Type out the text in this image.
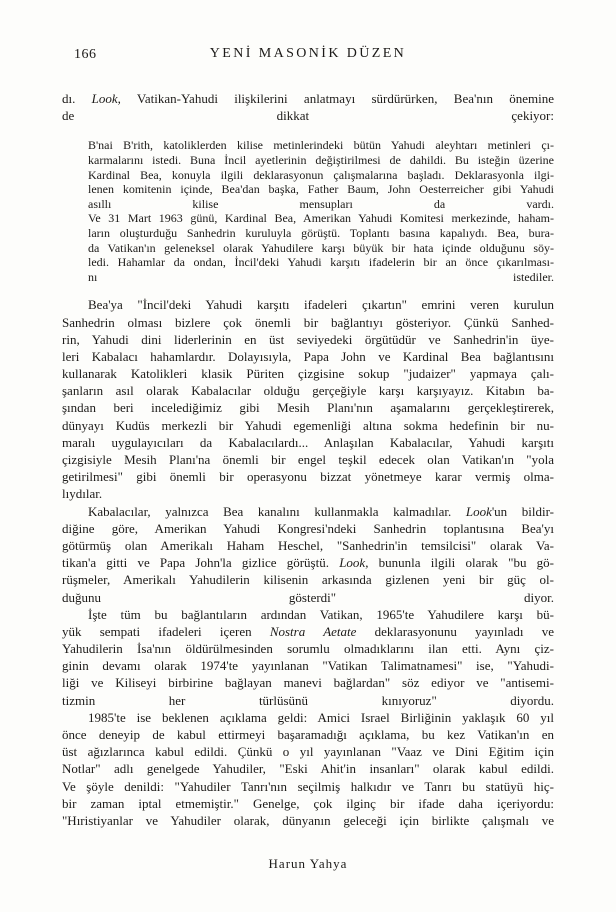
166	YENİ MASONİK DÜZEN
dı. Look, Vatikan-Yahudi ilişkilerini anlatmayı sürdürürken, Bea'nın önemine
de dikkat çekiyor:
B'nai B'rith, katoliklerden kilise metinlerindeki bütün Yahudi aleyhtarı metinleri çı-
karmalarını istedi. Buna İncil ayetlerinin değiştirilmesi de dahildi. Bu isteğin üzerine
Kardinal Bea, konuyla ilgili deklarasyonun çalışmalarına başladı. Deklarasyonla ilgi-
lenen komitenin içinde, Bea'dan başka, Father Baum, John Oesterreicher gibi Yahudi
asıllı kilise mensupları da vardı.
Ve 31 Mart 1963 günü, Kardinal Bea, Amerikan Yahudi Komitesi merkezinde, haham-
ların oluşturduğu Sanhedrin kuruluyla görüştü. Toplantı basına kapalıydı. Bea, bura-
da Vatikan'ın geleneksel olarak Yahudilere karşı büyük bir hata içinde olduğunu söy-
ledi. Hahamlar da ondan, İncil'deki Yahudi karşıtı ifadelerin bir an önce çıkarılması-
nı istediler.
Bea'ya "İncil'deki Yahudi karşıtı ifadeleri çıkartın" emrini veren kurulun
Sanhedrin olması bizlere çok önemli bir bağlantıyı gösteriyor. Çünkü Sanhed-
rin, Yahudi dini liderlerinin en üst seviyedeki örgütüdür ve Sanhedrin'in üye-
leri Kabalacı hahamlardır. Dolayısıyla, Papa John ve Kardinal Bea bağlantısını
kullanarak Katolikleri klasik Püriten çizgisine sokup "judaizer" yapmaya çalı-
şanların asıl olarak Kabalacılar olduğu gerçeğiyle karşı karşıyayız. Kitabın ba-
şından beri incelediğimiz gibi Mesih Planı'nın aşamalarını gerçekleştirerek,
dünyayı Kudüs merkezli bir Yahudi egemenliği altına sokma hedefinin bir nu-
maralı uygulayıcıları da Kabalacılardı... Anlaşılan Kabalacılar, Yahudi karşıtı
çizgisiyle Mesih Planı'na önemli bir engel teşkil edecek olan Vatikan'ın "yola
getirilmesi" gibi önemli bir operasyonu bizzat yönetmeye karar vermiş olma-
lıydılar.
Kabalacılar, yalnızca Bea kanalını kullanmakla kalmadılar. Look'un bildir-
diğine göre, Amerikan Yahudi Kongresi'ndeki Sanhedrin toplantısına Bea'yı
götürmüş olan Amerikalı Haham Heschel, "Sanhedrin'in temsilcisi" olarak Va-
tikan'a gitti ve Papa John'la gizlice görüştü. Look, bununla ilgili olarak "bu gö-
rüşmeler, Amerikalı Yahudilerin kilisenin arkasında gizlenen yeni bir güç ol-
duğunu gösterdi" diyor.
İşte tüm bu bağlantıların ardından Vatikan, 1965'te Yahudilere karşı bü-
yük sempati ifadeleri içeren Nostra Aetate deklarasyonunu yayınladı ve
Yahudilerin İsa'nın öldürülmesinden sorumlu olmadıklarını ilan etti. Aynı çiz-
ginin devamı olarak 1974'te yayınlanan "Vatikan Talimatnamesi" ise, "Yahudi-
liği ve Kiliseyi birbirine bağlayan manevi bağlardan" söz ediyor ve "antisemi-
tizmin her türlüsünü kınıyoruz" diyordu.
1985'te ise beklenen açıklama geldi: Amici Israel Birliğinin yaklaşık 60 yıl
önce deneyip de kabul ettirmeyi başaramadığı açıklama, bu kez Vatikan'ın en
üst ağızlarınca kabul edildi. Çünkü o yıl yayınlanan "Vaaz ve Dini Eğitim için
Notlar" adlı genelgede Yahudiler, "Eski Ahit'in insanları" olarak kabul edildi.
Ve şöyle denildi: "Yahudiler Tanrı'nın seçilmiş halkıdır ve Tanrı bu statüyü hiç-
bir zaman iptal etmemiştir." Genelge, çok ilginç bir ifade daha içeriyordu:
"Hıristiyanlar ve Yahudiler olarak, dünyanın geleceği için birlikte çalışmalı ve
Harun Yahya
